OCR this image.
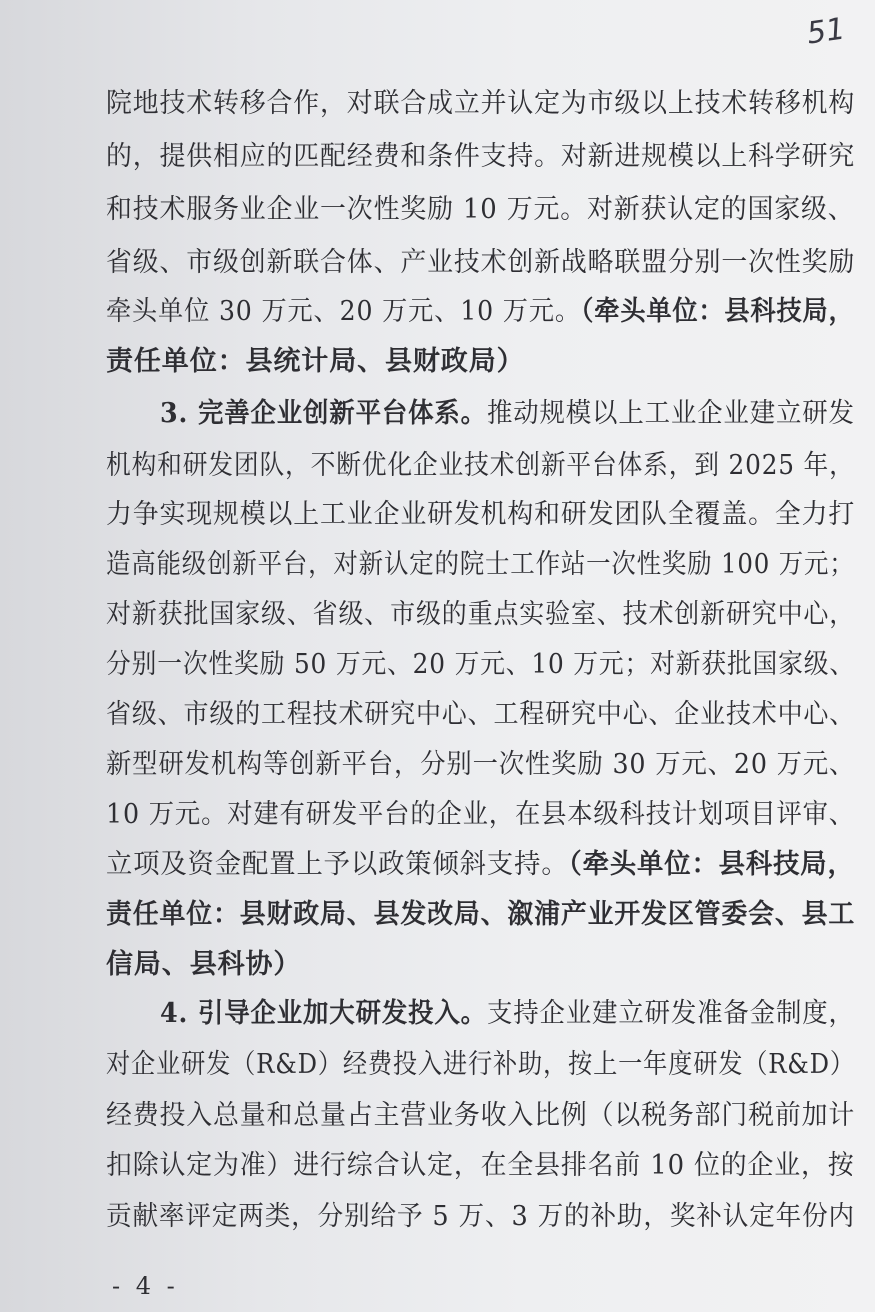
51
院地技术转移合作，对联合成立并认定为市级以上技术转移机构
的，提供相应的匹配经费和条件支持。对新进规模以上科学研究
和技术服务业企业一次性奖励 10 万元。对新获认定的国家级、
省级、市级创新联合体、产业技术创新战略联盟分别一次性奖励
牵头单位 30 万元、20 万元、10 万元。（牵头单位：县科技局，
责任单位：县统计局、县财政局）
3. 完善企业创新平台体系。推动规模以上工业企业建立研发
机构和研发团队，不断优化企业技术创新平台体系，到 2025 年，
力争实现规模以上工业企业研发机构和研发团队全覆盖。全力打
造高能级创新平台，对新认定的院士工作站一次性奖励 100 万元；
对新获批国家级、省级、市级的重点实验室、技术创新研究中心，
分别一次性奖励 50 万元、20 万元、10 万元；对新获批国家级、
省级、市级的工程技术研究中心、工程研究中心、企业技术中心、
新型研发机构等创新平台，分别一次性奖励 30 万元、20 万元、
10 万元。对建有研发平台的企业，在县本级科技计划项目评审、
立项及资金配置上予以政策倾斜支持。（牵头单位：县科技局，
责任单位：县财政局、县发改局、溆浦产业开发区管委会、县工
信局、县科协）
4. 引导企业加大研发投入。支持企业建立研发准备金制度，
对企业研发（R&D）经费投入进行补助，按上一年度研发（R&D）
经费投入总量和总量占主营业务收入比例（以税务部门税前加计
扣除认定为准）进行综合认定，在全县排名前 10 位的企业，按
贡献率评定两类，分别给予 5 万、3 万的补助，奖补认定年份内
- 4 -
